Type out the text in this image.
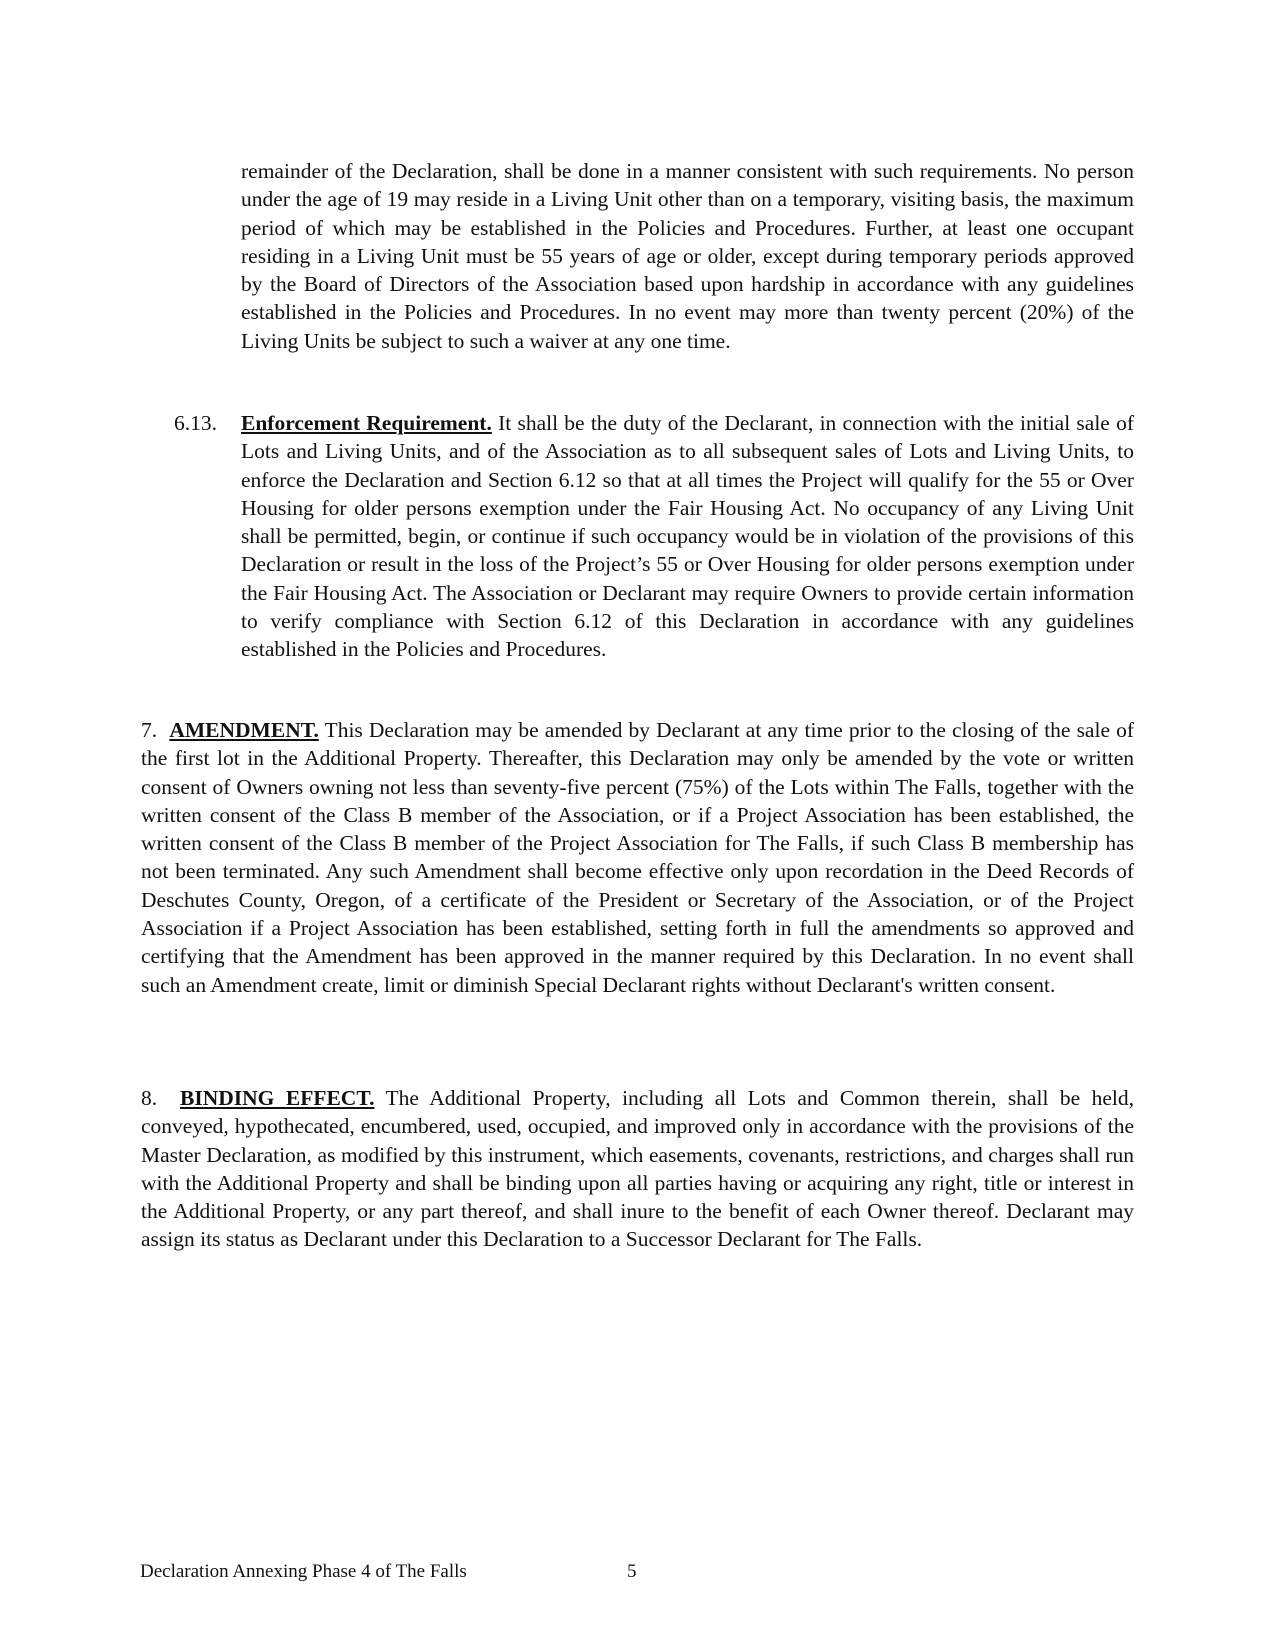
remainder of the Declaration, shall be done in a manner consistent with such requirements. No person under the age of 19 may reside in a Living Unit other than on a temporary, visiting basis, the maximum period of which may be established in the Policies and Procedures. Further, at least one occupant residing in a Living Unit must be 55 years of age or older, except during temporary periods approved by the Board of Directors of the Association based upon hardship in accordance with any guidelines established in the Policies and Procedures. In no event may more than twenty percent (20%) of the Living Units be subject to such a waiver at any one time.

6.13. Enforcement Requirement. It shall be the duty of the Declarant, in connection with the initial sale of Lots and Living Units, and of the Association as to all subsequent sales of Lots and Living Units, to enforce the Declaration and Section 6.12 so that at all times the Project will qualify for the 55 or Over Housing for older persons exemption under the Fair Housing Act. No occupancy of any Living Unit shall be permitted, begin, or continue if such occupancy would be in violation of the provisions of this Declaration or result in the loss of the Project’s 55 or Over Housing for older persons exemption under the Fair Housing Act. The Association or Declarant may require Owners to provide certain information to verify compliance with Section 6.12 of this Declaration in accordance with any guidelines established in the Policies and Procedures.

7. AMENDMENT. This Declaration may be amended by Declarant at any time prior to the closing of the sale of the first lot in the Additional Property. Thereafter, this Declaration may only be amended by the vote or written consent of Owners owning not less than seventy-five percent (75%) of the Lots within The Falls, together with the written consent of the Class B member of the Association, or if a Project Association has been established, the written consent of the Class B member of the Project Association for The Falls, if such Class B membership has not been terminated. Any such Amendment shall become effective only upon recordation in the Deed Records of Deschutes County, Oregon, of a certificate of the President or Secretary of the Association, or of the Project Association if a Project Association has been established, setting forth in full the amendments so approved and certifying that the Amendment has been approved in the manner required by this Declaration. In no event shall such an Amendment create, limit or diminish Special Declarant rights without Declarant's written consent.

8. BINDING EFFECT. The Additional Property, including all Lots and Common therein, shall be held, conveyed, hypothecated, encumbered, used, occupied, and improved only in accordance with the provisions of the Master Declaration, as modified by this instrument, which easements, covenants, restrictions, and charges shall run with the Additional Property and shall be binding upon all parties having or acquiring any right, title or interest in the Additional Property, or any part thereof, and shall inure to the benefit of each Owner thereof. Declarant may assign its status as Declarant under this Declaration to a Successor Declarant for The Falls.

Declaration Annexing Phase 4 of The Falls	5
